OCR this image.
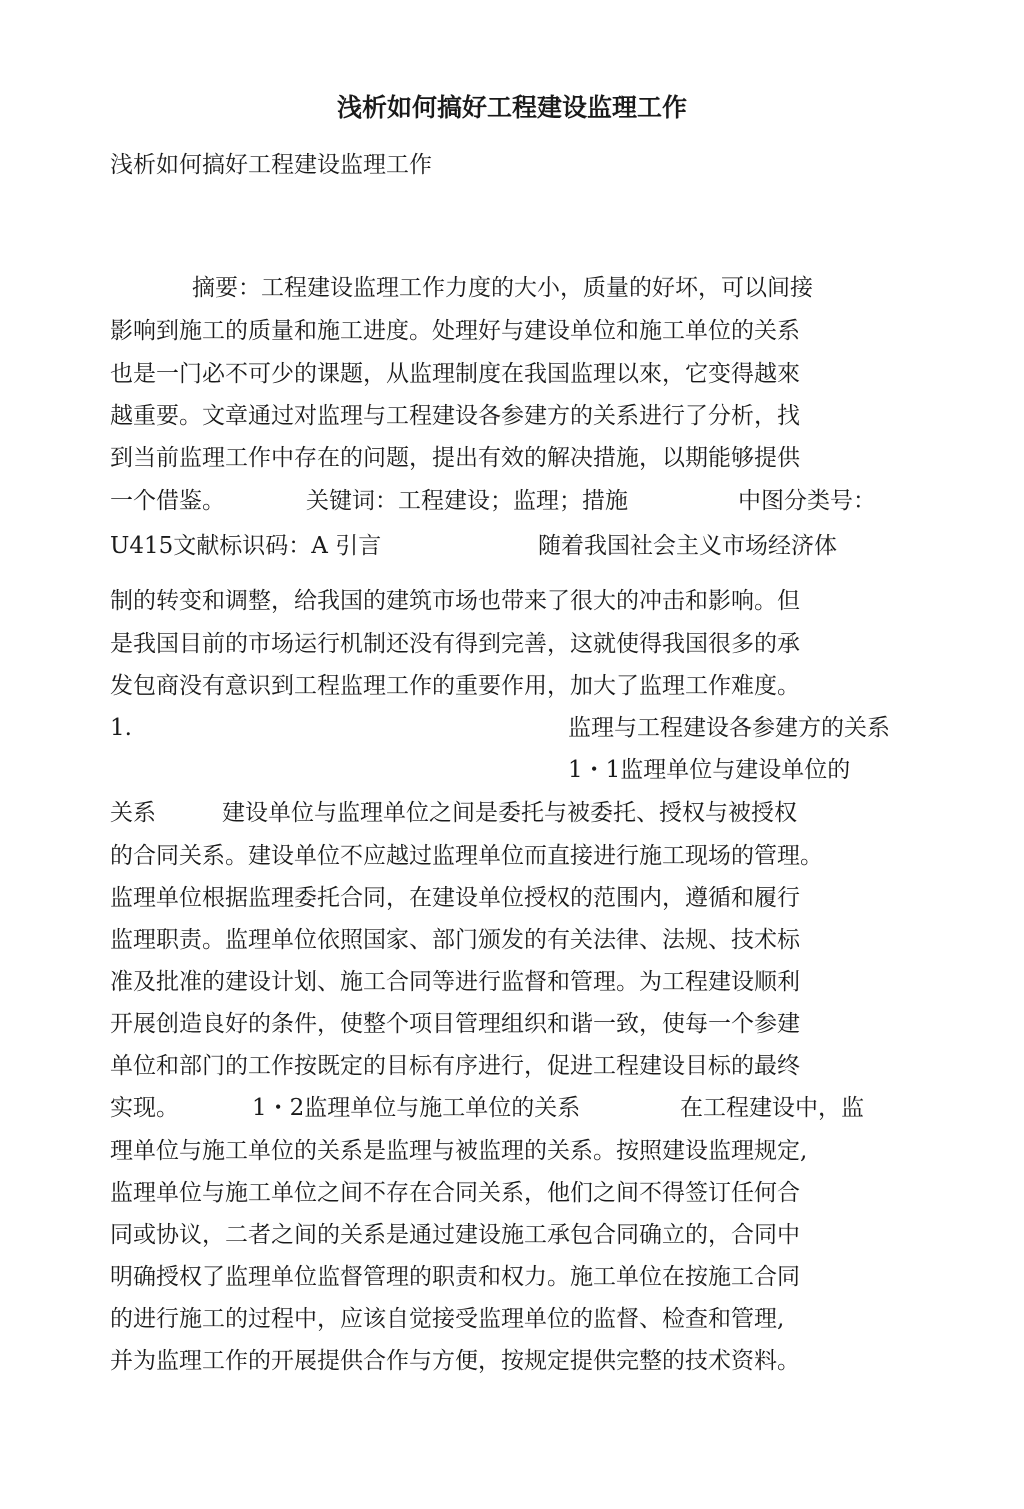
浅析如何搞好工程建设监理工作
浅析如何搞好工程建设监理工作
摘要：工程建设监理工作力度的大小，质量的好坏，可以间接
影响到施工的质量和施工进度。处理好与建设单位和施工单位的关系
也是一门必不可少的课题，从监理制度在我国监理以來，它变得越來
越重要。文章通过对监理与工程建设各参建方的关系进行了分析，找
到当前监理工作中存在的问题，提出有效的解决措施，以期能够提供
一个借鉴。	关键词：工程建设；监理；措施	中图分类号：
U415文献标识码：A 引言	随着我国社会主义市场经济体
制的转变和调整，给我国的建筑市场也带来了很大的冲击和影响。但
是我国目前的市场运行机制还没有得到完善，这就使得我国很多的承
发包商没有意识到工程监理工作的重要作用，加大了监理工作难度。
1.	监理与工程建设各参建方的关系
1・1监理单位与建设单位的
关系	建设单位与监理单位之间是委托与被委托、授权与被授权
的合同关系。建设单位不应越过监理单位而直接进行施工现场的管理。
监理单位根据监理委托合同，在建设单位授权的范围内，遵循和履行
监理职责。监理单位依照国家、部门颁发的有关法律、法规、技术标
准及批准的建设计划、施工合同等进行监督和管理。为工程建设顺利
开展创造良好的条件，使整个项目管理组织和谐一致，使每一个参建
单位和部门的工作按既定的目标有序进行，促进工程建设目标的最终
实现。	1・2监理单位与施工单位的关系	在工程建设中，监
理单位与施工单位的关系是监理与被监理的关系。按照建设监理规定,
监理单位与施工单位之间不存在合同关系，他们之间不得签订任何合
同或协议，二者之间的关系是通过建设施工承包合同确立的，合同中
明确授权了监理单位监督管理的职责和权力。施工单位在按施工合同
的进行施工的过程中，应该自觉接受监理单位的监督、检查和管理,
并为监理工作的开展提供合作与方便，按规定提供完整的技术资料。
